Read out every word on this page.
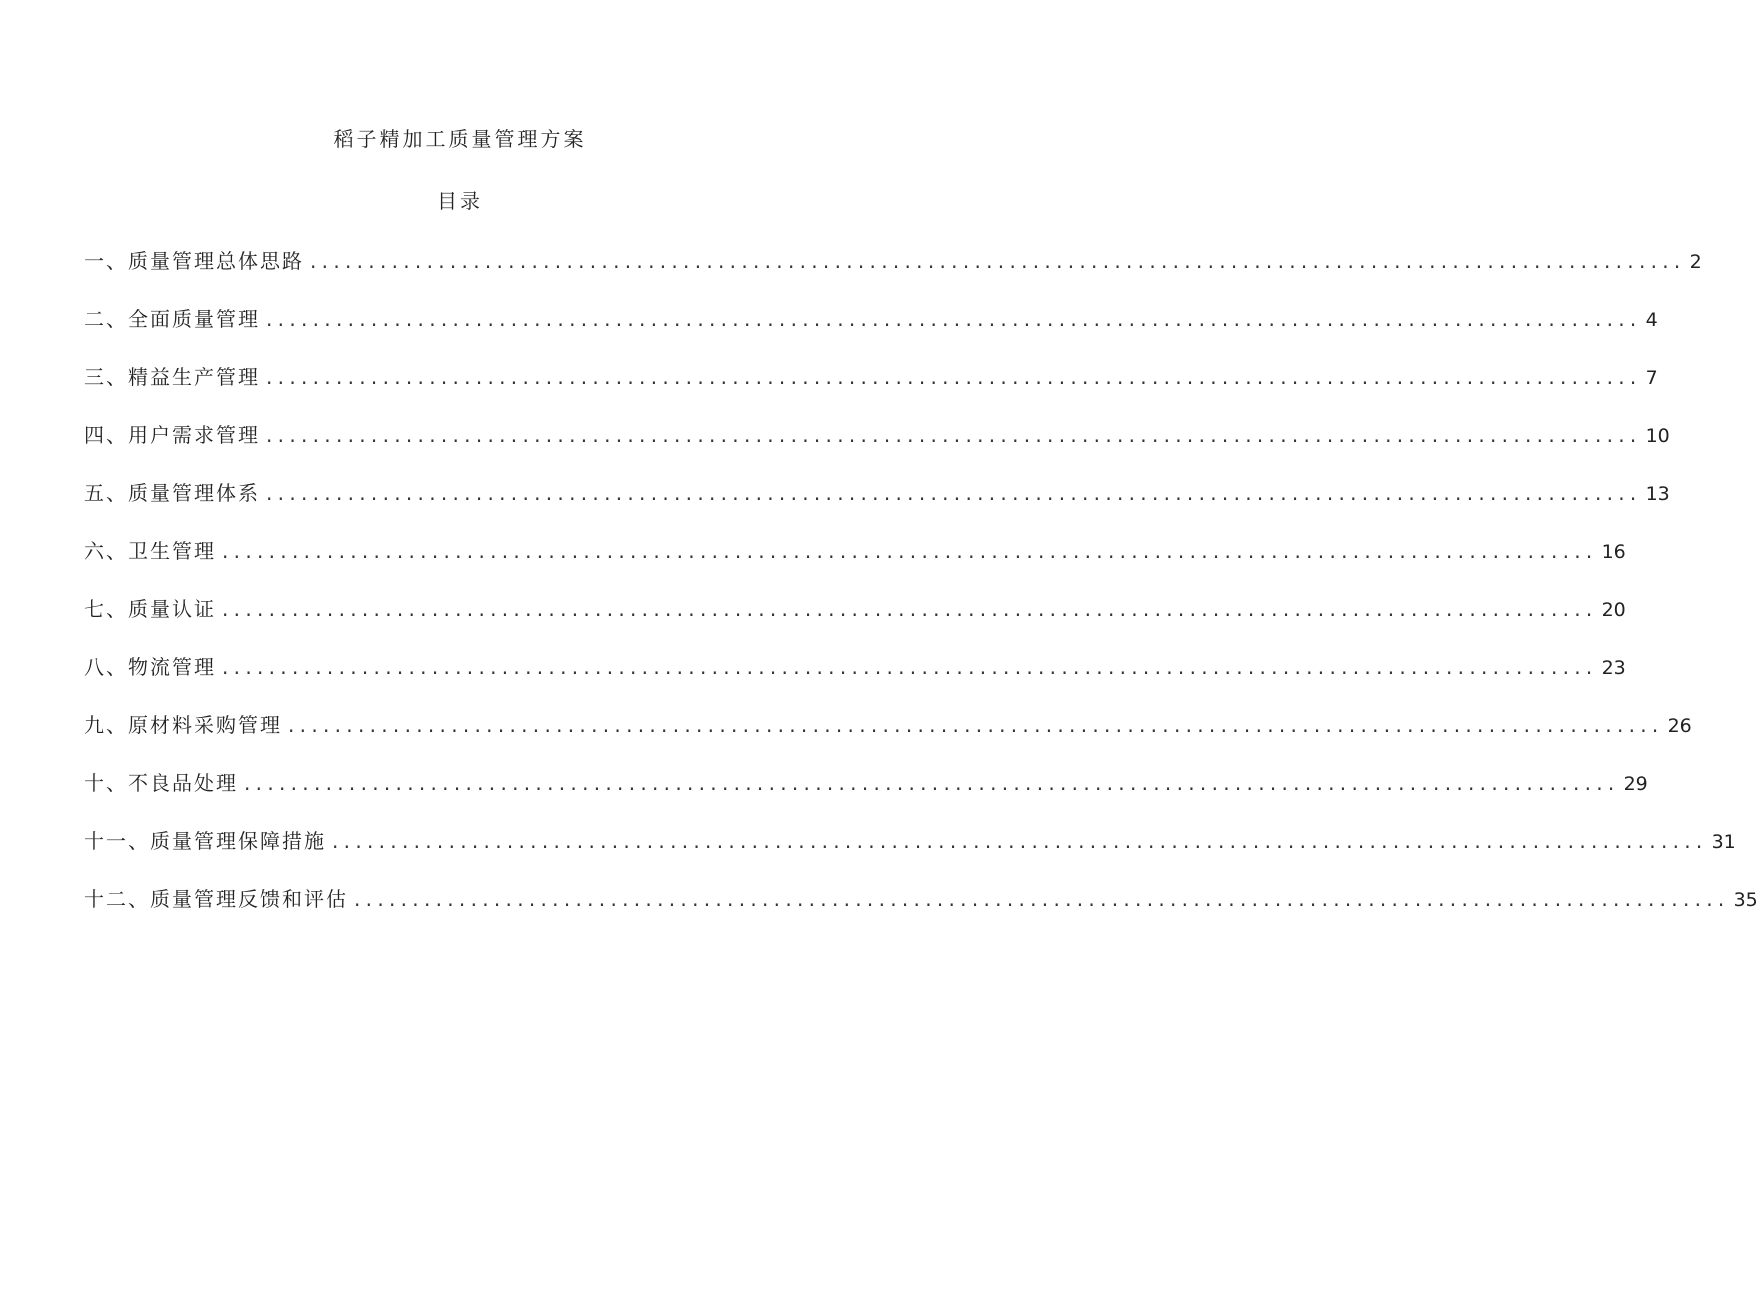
稻子精加工质量管理方案
目录
一、质量管理总体思路 ...................................................................................................................... 2
二、全面质量管理 ...................................................................................................................... 4
三、精益生产管理 ...................................................................................................................... 7
四、用户需求管理 ...................................................................................................................... 10
五、质量管理体系 ...................................................................................................................... 13
六、卫生管理 ...................................................................................................................... 16
七、质量认证 ...................................................................................................................... 20
八、物流管理 ...................................................................................................................... 23
九、原材料采购管理 ...................................................................................................................... 26
十、不良品处理 ...................................................................................................................... 29
十一、质量管理保障措施 ...................................................................................................................... 31
十二、质量管理反馈和评估 ...................................................................................................................... 35
